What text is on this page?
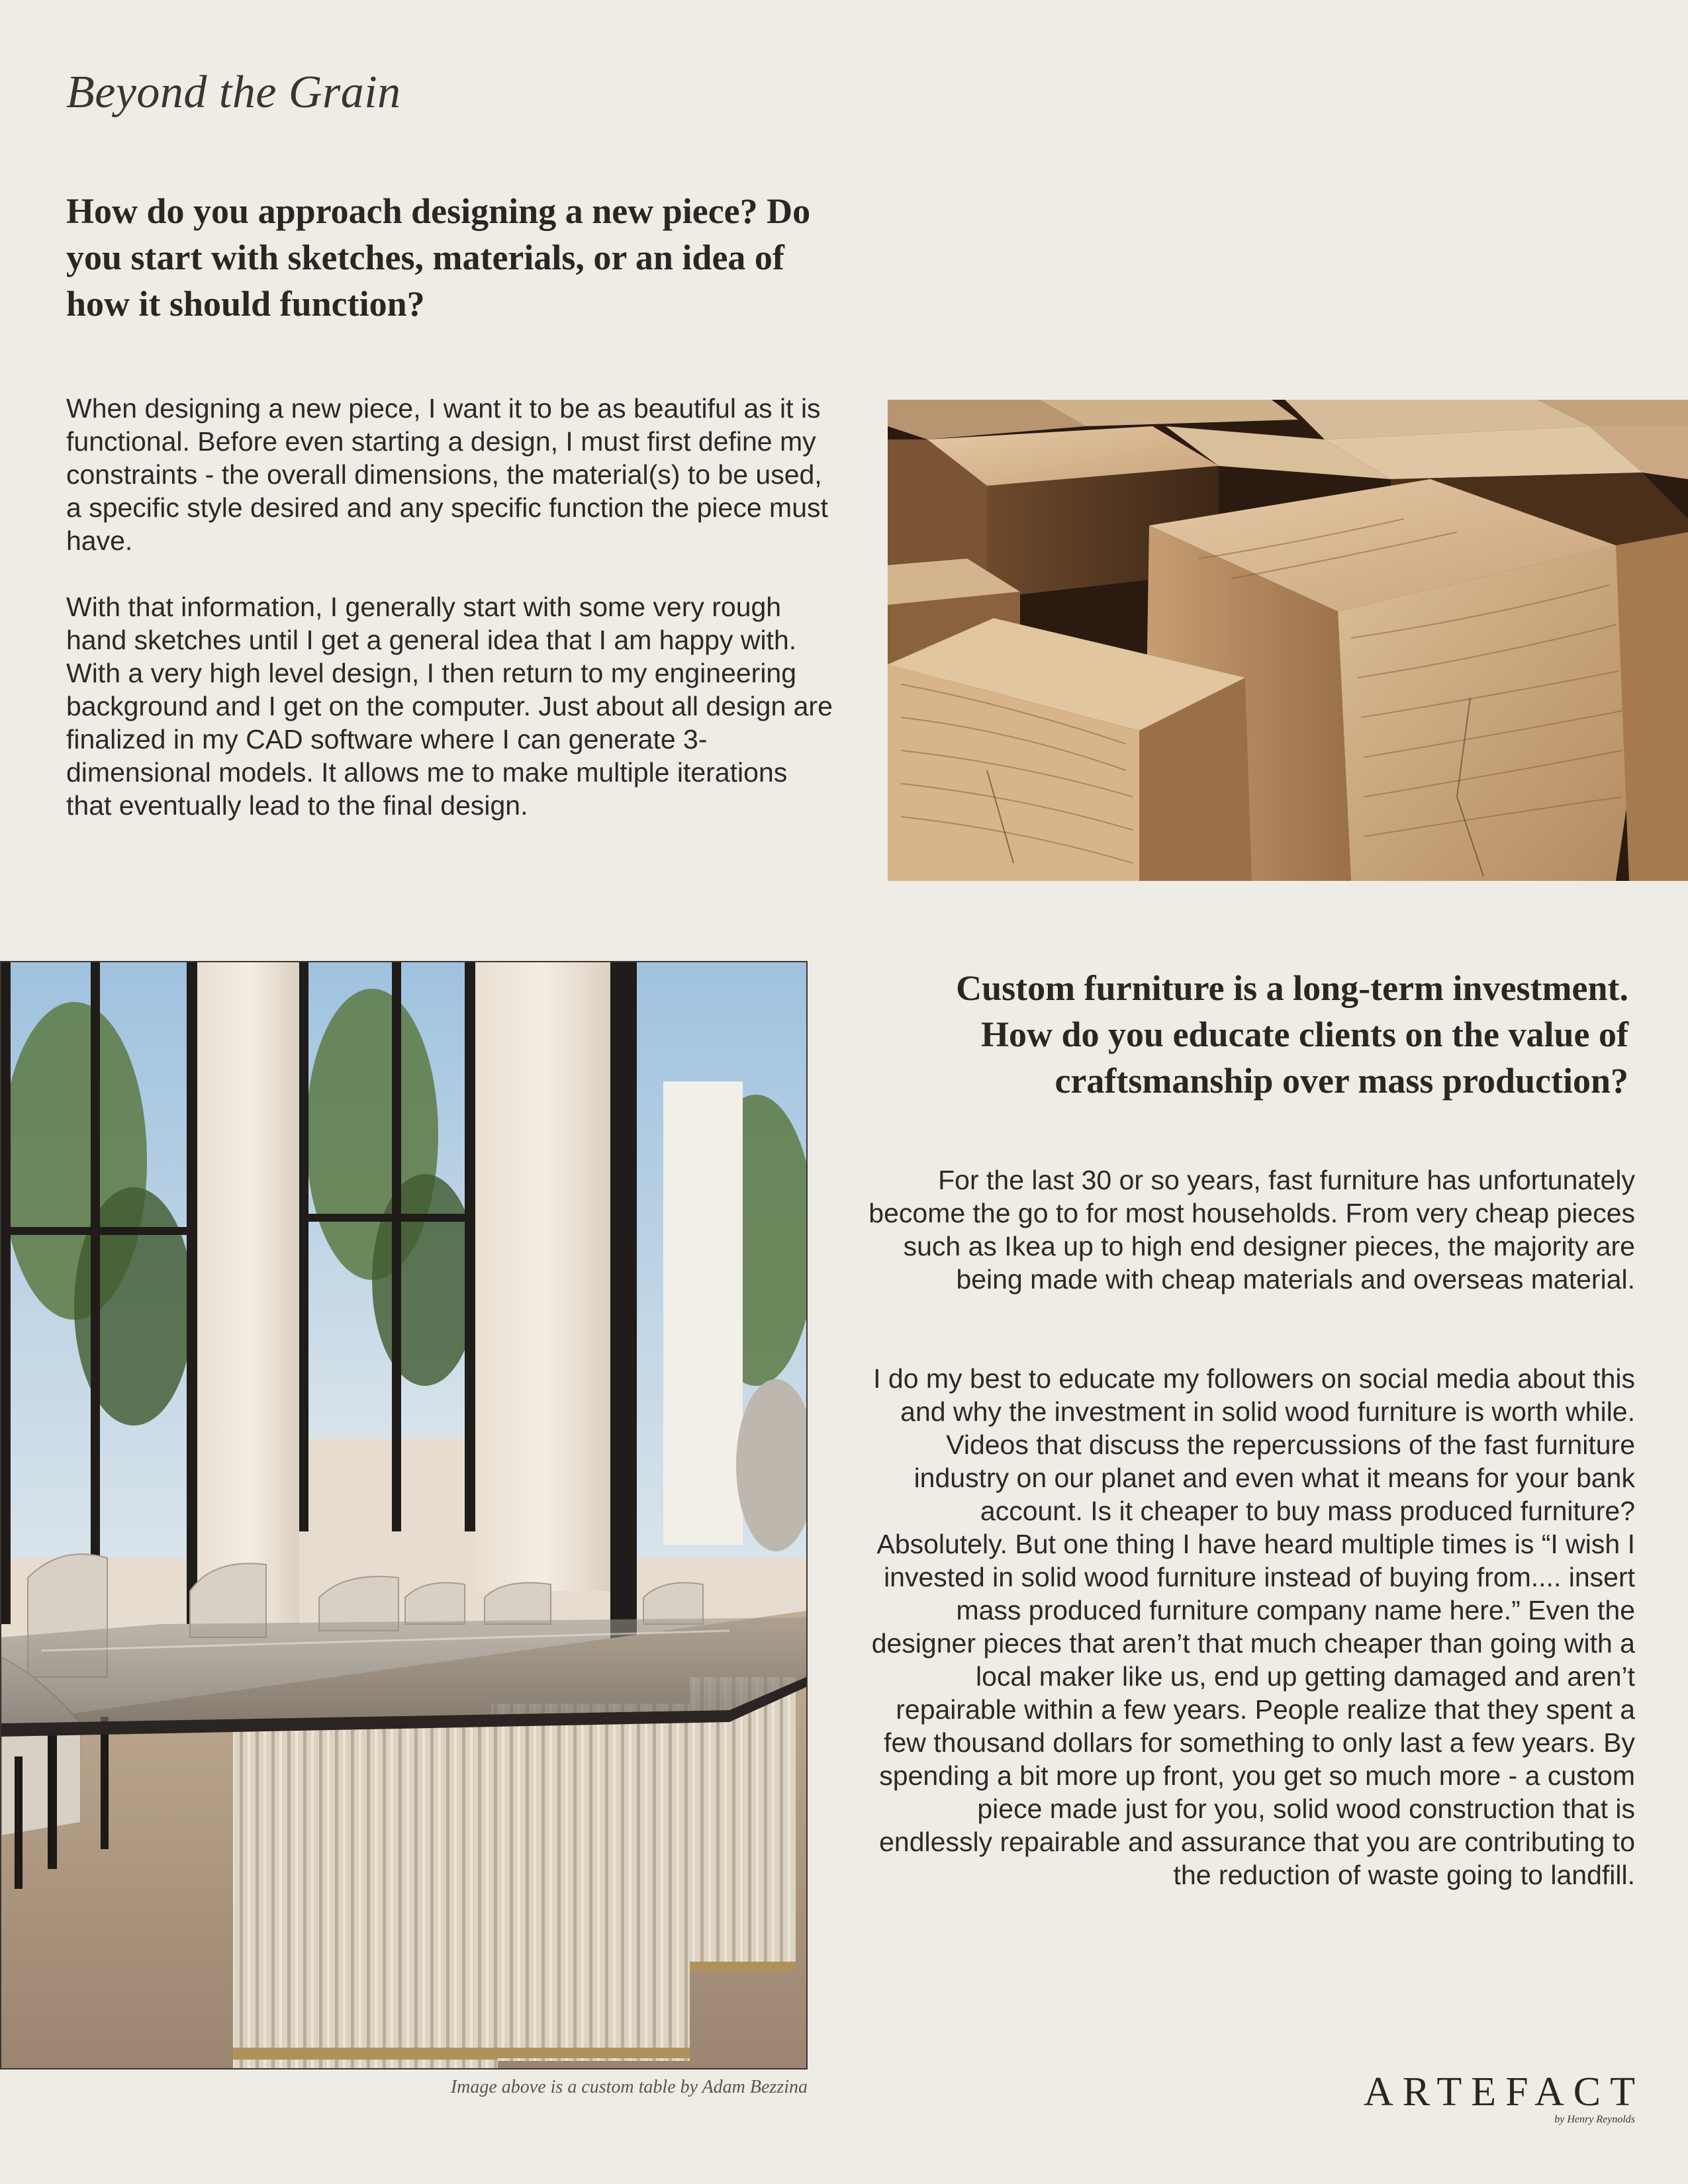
Beyond the Grain
How do you approach designing a new piece? Do you start with sketches, materials, or an idea of how it should function?

When designing a new piece, I want it to be as beautiful as it is functional. Before even starting a design, I must first define my constraints - the overall dimensions, the material(s) to be used, a specific style desired and any specific function the piece must have.

With that information, I generally start with some very rough hand sketches until I get a general idea that I am happy with. With a very high level design, I then return to my engineering background and I get on the computer. Just about all design are finalized in my CAD software where I can generate 3-dimensional models. It allows me to make multiple iterations that eventually lead to the final design.

Image above is a custom table by Adam Bezzina
Custom furniture is a long-term investment. How do you educate clients on the value of craftsmanship over mass production?

For the last 30 or so years, fast furniture has unfortunately become the go to for most households. From very cheap pieces such as Ikea up to high end designer pieces, the majority are being made with cheap materials and overseas material.

I do my best to educate my followers on social media about this and why the investment in solid wood furniture is worth while. Videos that discuss the repercussions of the fast furniture industry on our planet and even what it means for your bank account. Is it cheaper to buy mass produced furniture? Absolutely. But one thing I have heard multiple times is “I wish I invested in solid wood furniture instead of buying from.... insert mass produced furniture company name here.” Even the designer pieces that aren’t that much cheaper than going with a local maker like us, end up getting damaged and aren’t repairable within a few years. People realize that they spent a few thousand dollars for something to only last a few years. By spending a bit more up front, you get so much more - a custom piece made just for you, solid wood construction that is endlessly repairable and assurance that you are contributing to the reduction of waste going to landfill.

ARTEFACT
by Henry Reynolds
